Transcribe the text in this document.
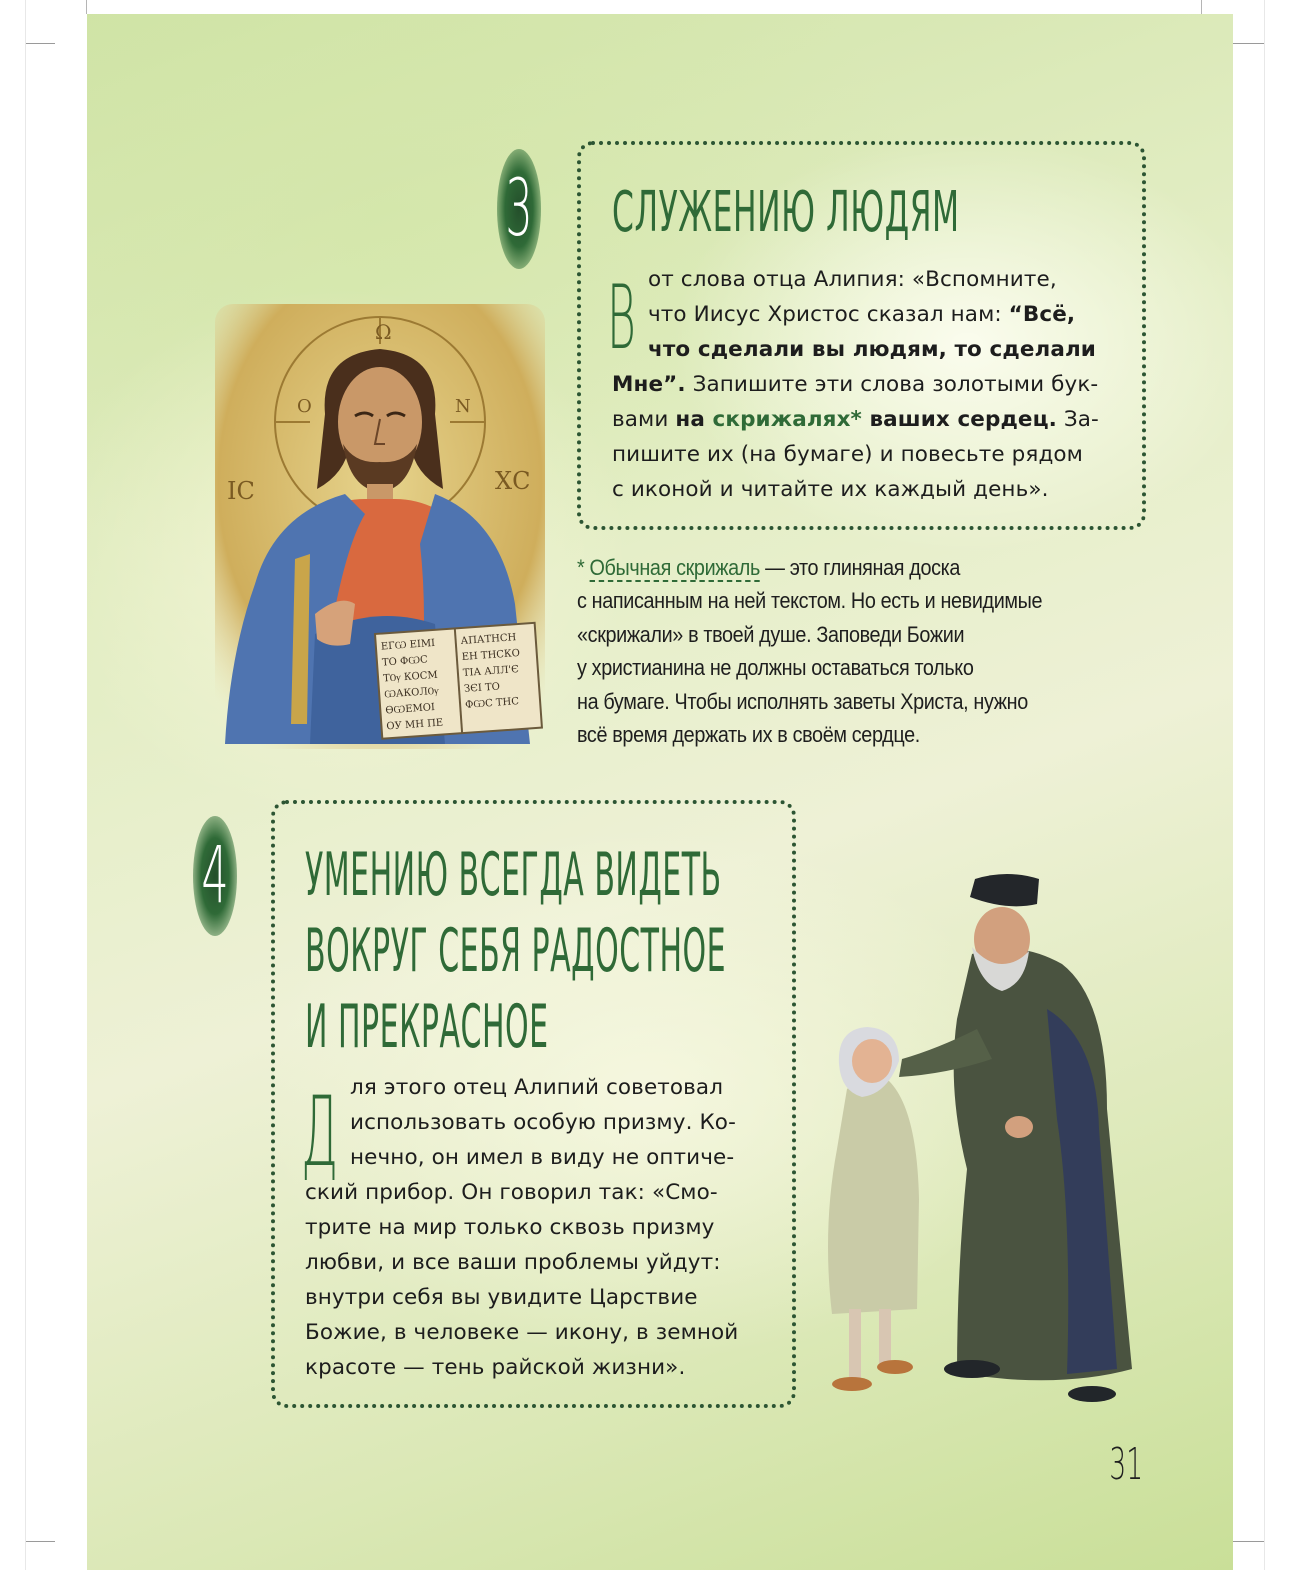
3 СЛУЖЕНИЮ ЛЮДЯМ
В от слова отца Алипия: «Вспомните,
что Иисус Христос сказал нам: “Всё,
что сделали вы людям, то сделали
Мне”. Запишите эти слова золотыми бук-
вами на скрижалях* ваших сердец. За-
пишите их (на бумаге) и повесьте рядом
с иконой и читайте их каждый день».
Ω
Ο	Ν
ІС	ХС
ЕГѠ ЕІМІ
ТО ФѠС
ТѸ КОСМ
ѠАКОЛѸ
ѲѠЕМОІ
ОУ МН ПЕ
АПАТНСН
ЕН ТНСКО
ТІА АЛЛ'Є
ЗЄІ ТО
ФѠС ТНС
* Обычная скрижаль — это глиняная доска
с написанным на ней текстом. Но есть и невидимые
«скрижали» в твоей душе. Заповеди Божии
у христианина не должны оставаться только
на бумаге. Чтобы исполнять заветы Христа, нужно
всё время держать их в своём сердце.
4 УМЕНИЮ ВСЕГДА ВИДЕТЬ
ВОКРУГ СЕБЯ РАДОСТНОЕ
И ПРЕКРАСНОЕ
Д ля этого отец Алипий советовал
использовать особую призму. Ко-
нечно, он имел в виду не оптиче-
ский прибор. Он говорил так: «Смо-
трите на мир только сквозь призму
любви, и все ваши проблемы уйдут:
внутри себя вы увидите Царствие
Божие, в человеке — икону, в земной
красоте — тень райской жизни».
31
